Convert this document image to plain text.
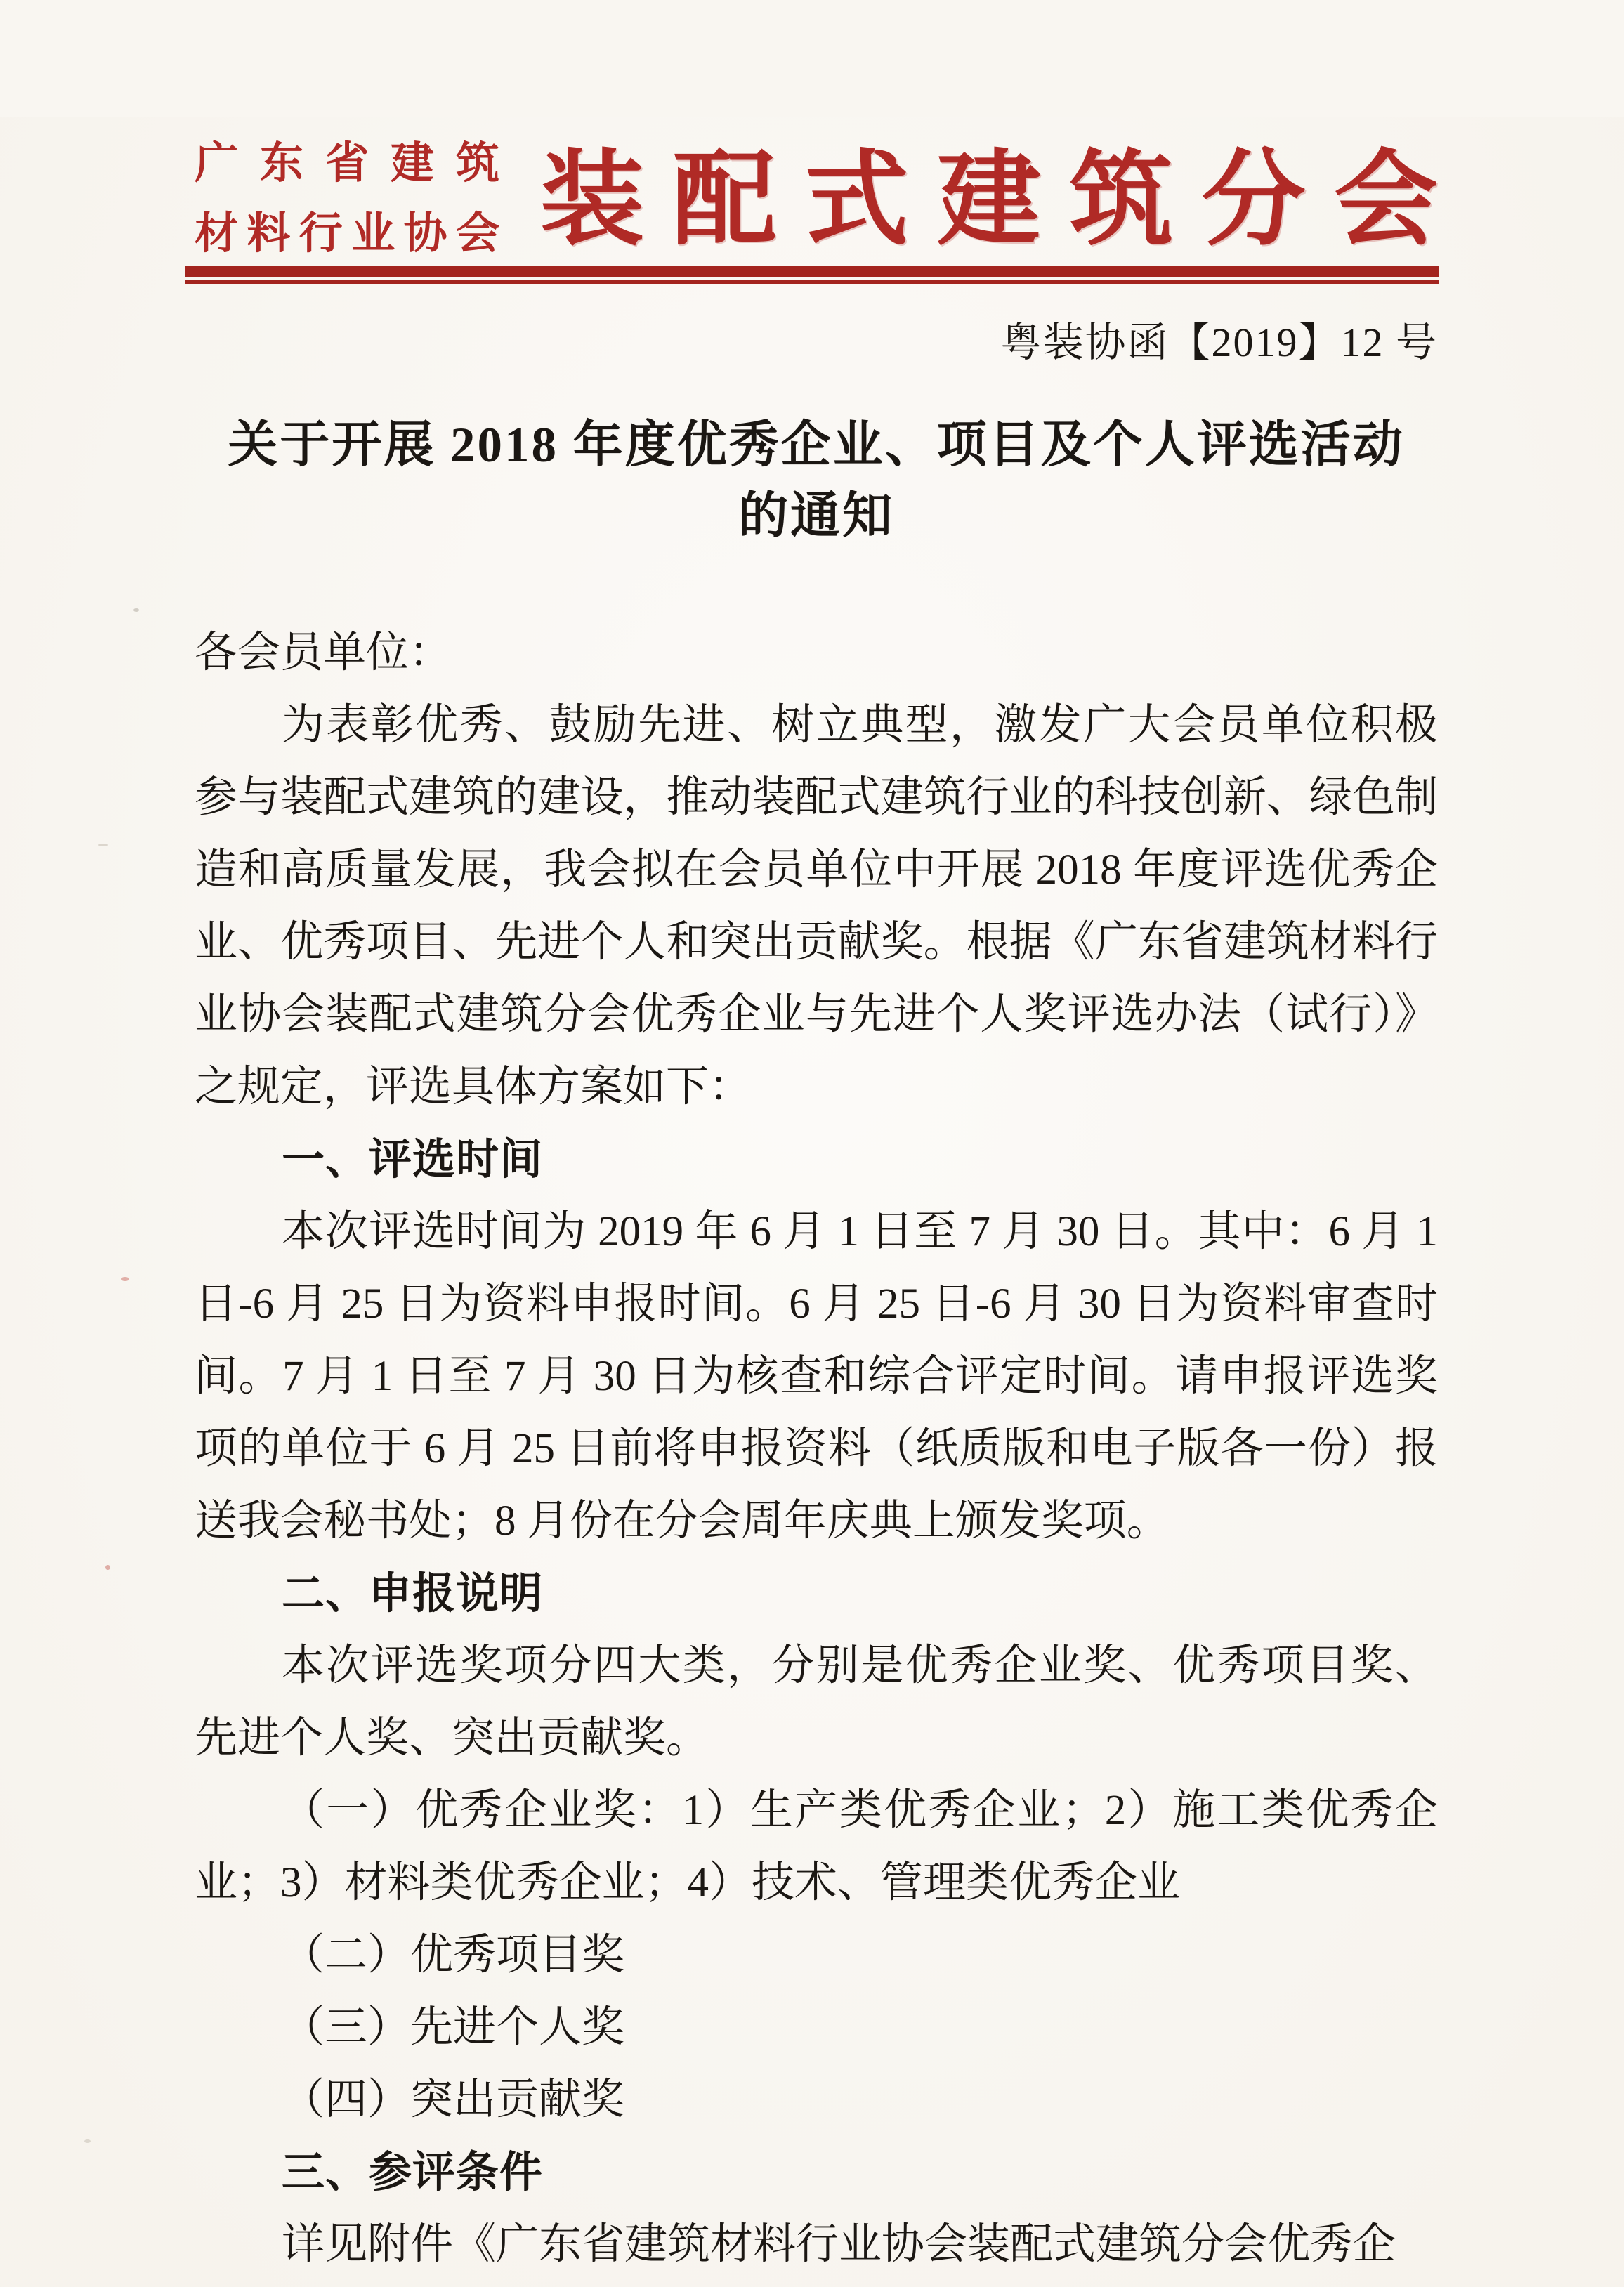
广东省建筑
材料行业协会 装配式建筑分会
粤装协函【2019】12 号
关于开展 2018 年度优秀企业、项目及个人评选活动
的通知

各会员单位：

为表彰优秀、鼓励先进、树立典型，激发广大会员单位积极参与装配式建筑的建设，推动装配式建筑行业的科技创新、绿色制造和高质量发展，我会拟在会员单位中开展 2018 年度评选优秀企业、优秀项目、先进个人和突出贡献奖。根据《广东省建筑材料行业协会装配式建筑分会优秀企业与先进个人奖评选办法（试行）》之规定，评选具体方案如下：

一、评选时间

本次评选时间为 2019 年 6 月 1 日至 7 月 30 日。其中：6 月 1 日-6 月 25 日为资料申报时间。6 月 25 日-6 月 30 日为资料审查时间。7 月 1 日至 7 月 30 日为核查和综合评定时间。请申报评选奖项的单位于 6 月 25 日前将申报资料（纸质版和电子版各一份）报送我会秘书处；8 月份在分会周年庆典上颁发奖项。

二、申报说明

本次评选奖项分四大类，分别是优秀企业奖、优秀项目奖、先进个人奖、突出贡献奖。

（一）优秀企业奖：1）生产类优秀企业；2）施工类优秀企业；3）材料类优秀企业；4）技术、管理类优秀企业

（二）优秀项目奖

（三）先进个人奖

（四）突出贡献奖

三、参评条件

详见附件《广东省建筑材料行业协会装配式建筑分会优秀企
